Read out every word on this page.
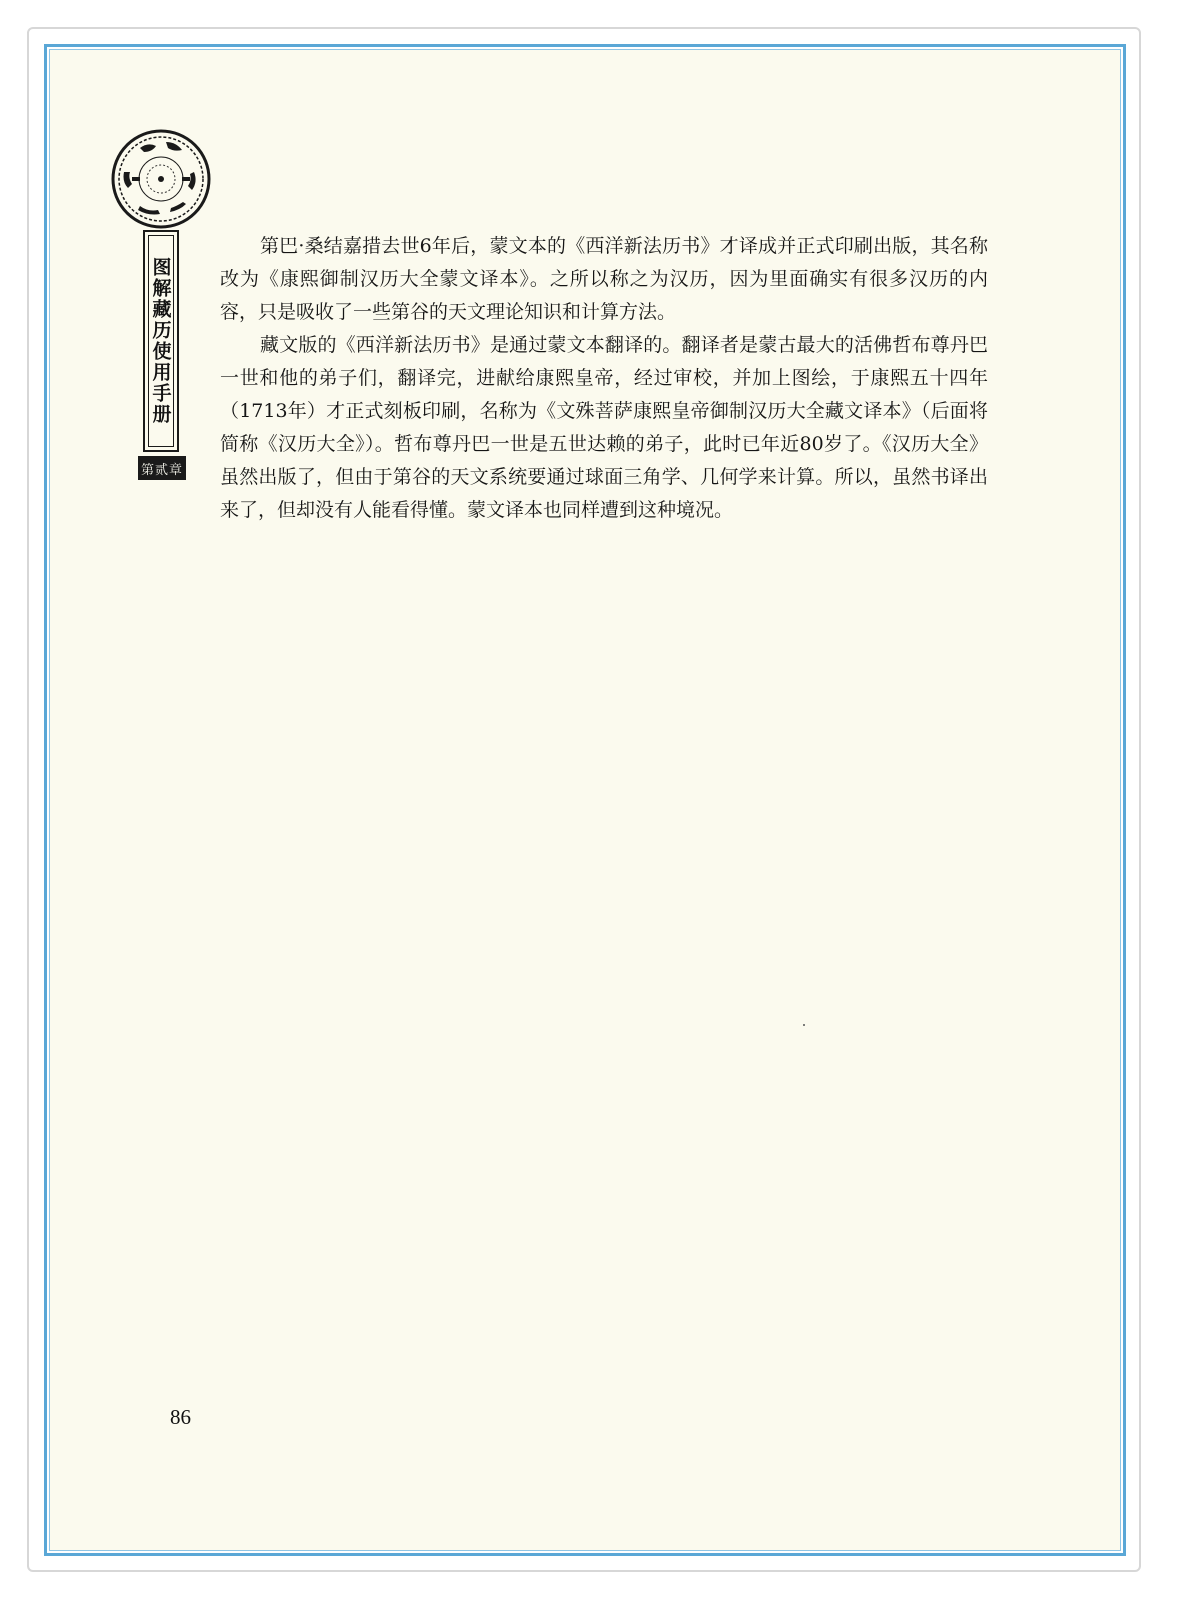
图解藏历使用手册
第贰章

第巴·桑结嘉措去世6年后，蒙文本的《西洋新法历书》才译成并正式印刷出版，其名称改为《康熙御制汉历大全蒙文译本》。之所以称之为汉历，因为里面确实有很多汉历的内容，只是吸收了一些第谷的天文理论知识和计算方法。

藏文版的《西洋新法历书》是通过蒙文本翻译的。翻译者是蒙古最大的活佛哲布尊丹巴一世和他的弟子们，翻译完，进献给康熙皇帝，经过审校，并加上图绘，于康熙五十四年（1713年）才正式刻板印刷，名称为《文殊菩萨康熙皇帝御制汉历大全藏文译本》（后面将简称《汉历大全》）。哲布尊丹巴一世是五世达赖的弟子，此时已年近80岁了。《汉历大全》虽然出版了，但由于第谷的天文系统要通过球面三角学、几何学来计算。所以，虽然书译出来了，但却没有人能看得懂。蒙文译本也同样遭到这种境况。

86
